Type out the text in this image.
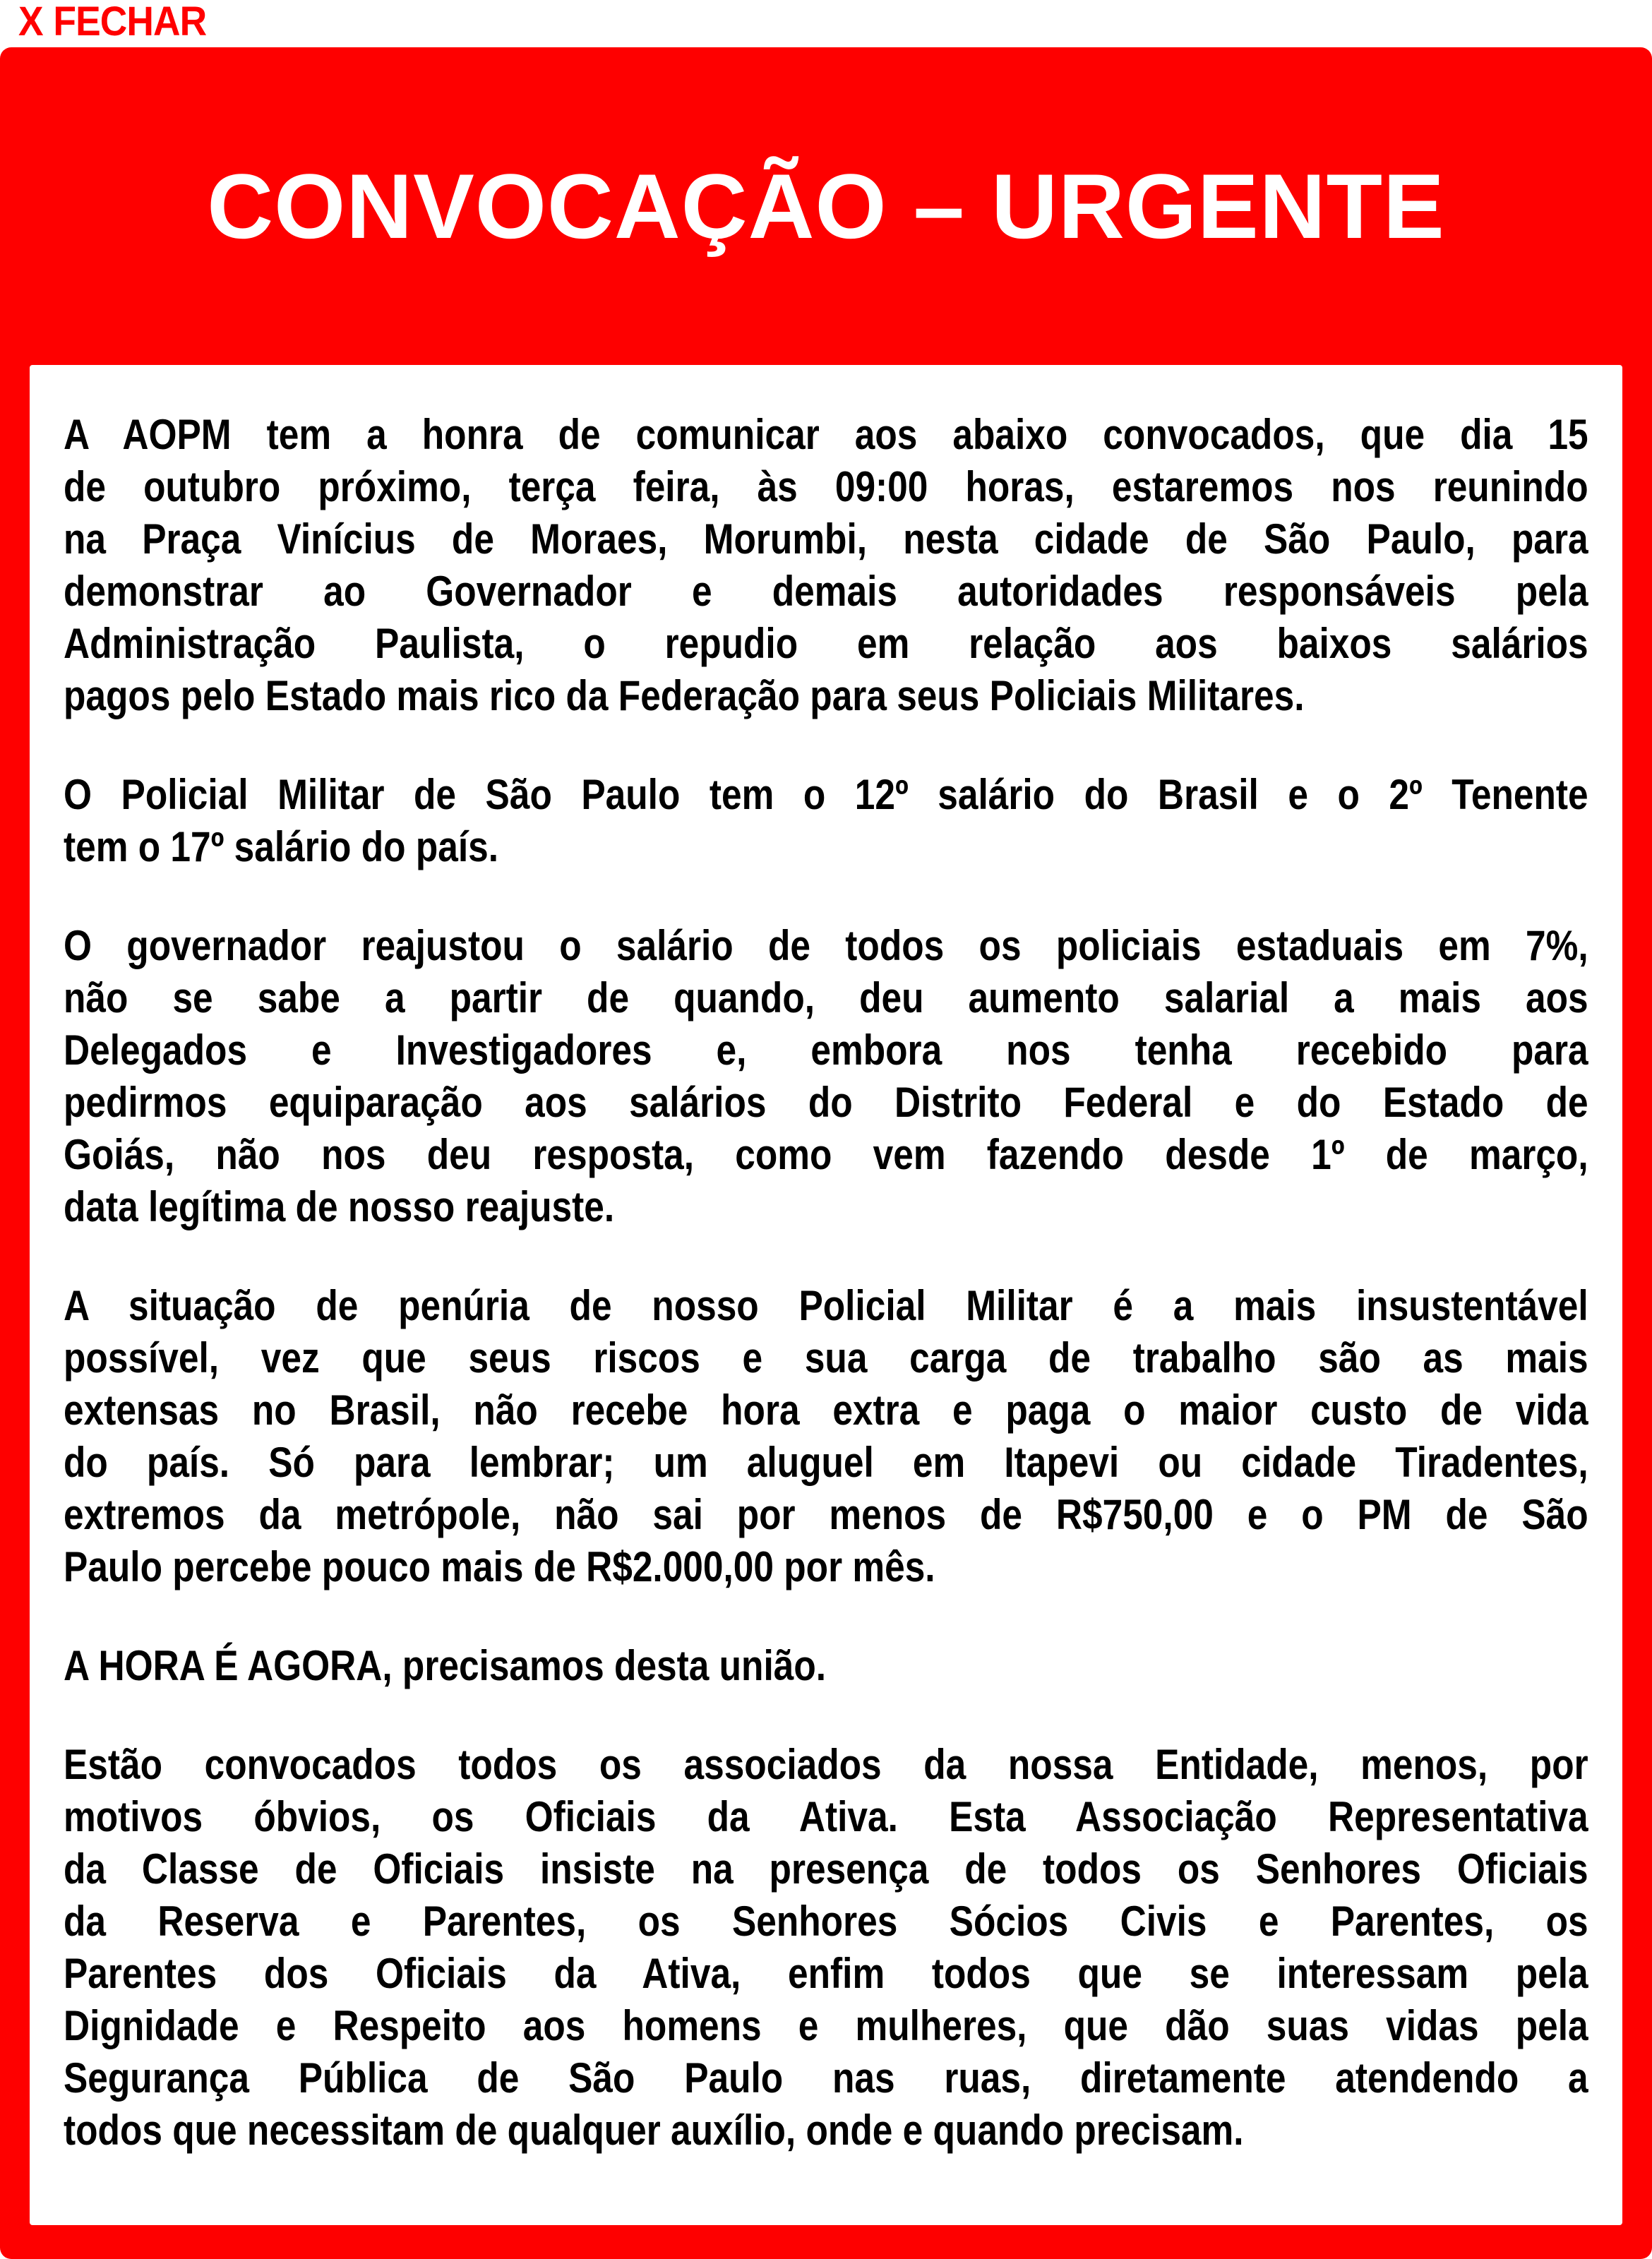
X FECHAR
CONVOCAÇÃO – URGENTE
A AOPM tem a honra de comunicar aos abaixo convocados, que dia 15
de outubro próximo, terça feira, às 09:00 horas, estaremos nos reunindo
na Praça Vinícius de Moraes, Morumbi, nesta cidade de São Paulo, para
demonstrar ao Governador e demais autoridades responsáveis pela
Administração Paulista, o repudio em relação aos baixos salários
pagos pelo Estado mais rico da Federação para seus Policiais Militares.
O Policial Militar de São Paulo tem o 12º salário do Brasil e o 2º Tenente
tem o 17º salário do país.
O governador reajustou o salário de todos os policiais estaduais em 7%,
não se sabe a partir de quando, deu aumento salarial a mais aos
Delegados e Investigadores e, embora nos tenha recebido para
pedirmos equiparação aos salários do Distrito Federal e do Estado de
Goiás, não nos deu resposta, como vem fazendo desde 1º de março,
data legítima de nosso reajuste.
A situação de penúria de nosso Policial Militar é a mais insustentável
possível, vez que seus riscos e sua carga de trabalho são as mais
extensas no Brasil, não recebe hora extra e paga o maior custo de vida
do país. Só para lembrar; um aluguel em Itapevi ou cidade Tiradentes,
extremos da metrópole, não sai por menos de R$750,00 e o PM de São
Paulo percebe pouco mais de R$2.000,00 por mês.
A HORA É AGORA, precisamos desta união.
Estão convocados todos os associados da nossa Entidade, menos, por
motivos óbvios, os Oficiais da Ativa. Esta Associação Representativa
da Classe de Oficiais insiste na presença de todos os Senhores Oficiais
da Reserva e Parentes, os Senhores Sócios Civis e Parentes, os
Parentes dos Oficiais da Ativa, enfim todos que se interessam pela
Dignidade e Respeito aos homens e mulheres, que dão suas vidas pela
Segurança Pública de São Paulo nas ruas, diretamente atendendo a
todos que necessitam de qualquer auxílio, onde e quando precisam.
